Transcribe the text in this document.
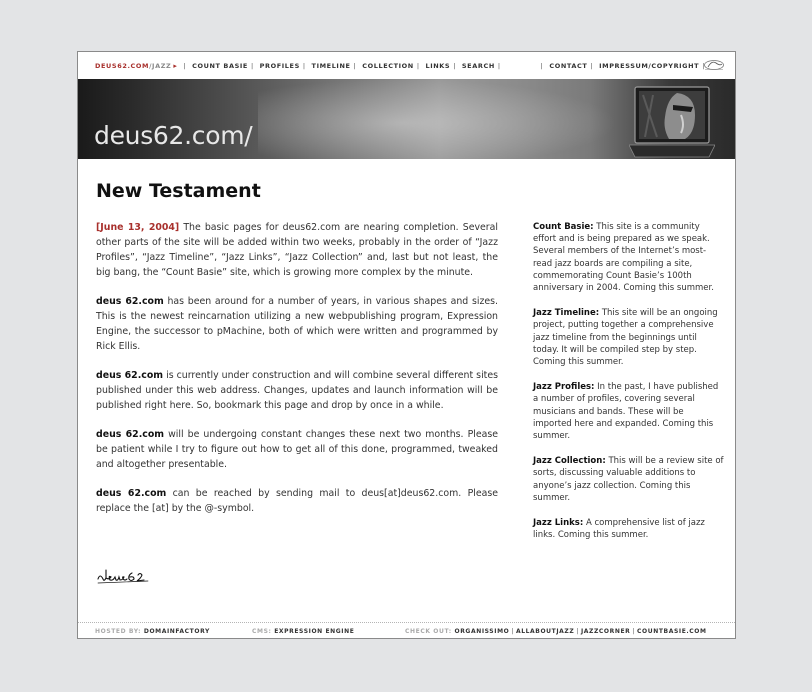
DEUS62.COM/JAZZ ▸ | COUNT BASIE | PROFILES | TIMELINE | COLLECTION | LINKS | SEARCH |	| CONTACT | IMPRESSUM/COPYRIGHT |
deus62.com/
New Testament

[June 13, 2004] The basic pages for deus62.com are nearing completion. Several other parts of the site will be added within two weeks, probably in the order of “Jazz Profiles”, “Jazz Timeline”, “Jazz Links”, “Jazz Collection” and, last but not least, the big bang, the “Count Basie” site, which is growing more complex by the minute.

deus 62.com has been around for a number of years, in various shapes and sizes. This is the newest reincarnation utilizing a new webpublishing program, Expression Engine, the successor to pMachine, both of which were written and programmed by Rick Ellis.

deus 62.com is currently under construction and will combine several different sites published under this web address. Changes, updates and launch information will be published right here. So, bookmark this page and drop by once in a while.

deus 62.com will be undergoing constant changes these next two months. Please be patient while I try to figure out how to get all of this done, programmed, tweaked and altogether presentable.

deus 62.com can be reached by sending mail to deus[at]deus62.com. Please replace the [at] by the @-symbol.

Count Basie: This site is a community effort and is being prepared as we speak. Several members of the Internet’s most-read jazz boards are compiling a site, commemorating Count Basie’s 100th anniversary in 2004. Coming this summer.

Jazz Timeline: This site will be an ongoing project, putting together a comprehensive jazz timeline from the beginnings until today. It will be compiled step by step. Coming this summer.

Jazz Profiles: In the past, I have published a number of profiles, covering several musicians and bands. These will be imported here and expanded. Coming this summer.

Jazz Collection: This will be a review site of sorts, discussing valuable additions to anyone’s jazz collection. Coming this summer.

Jazz Links: A comprehensive list of jazz links. Coming this summer.

HOSTED BY: DOMAINFACTORY	CMS: EXPRESSION ENGINE	CHECK OUT: ORGANISSIMO | ALLABOUTJAZZ | JAZZCORNER | COUNTBASIE.COM
